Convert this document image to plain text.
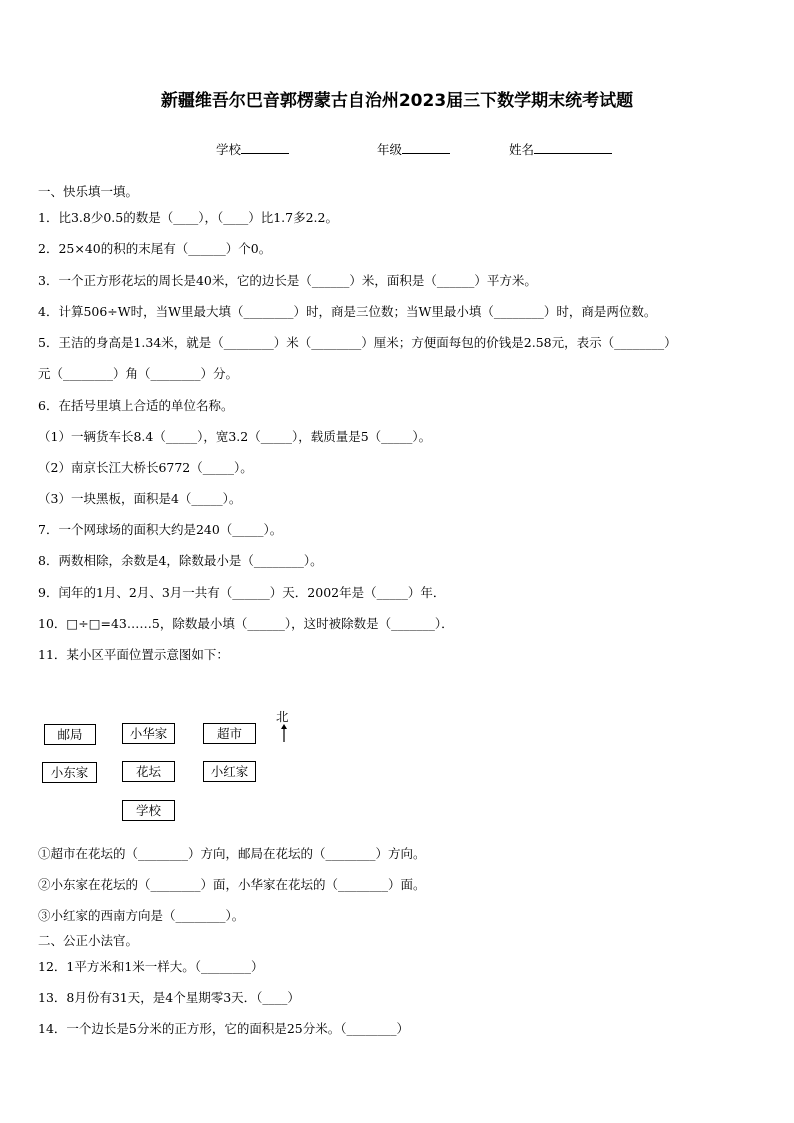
新疆维吾尔巴音郭楞蒙古自治州2023届三下数学期末统考试题
学校	年级	姓名
一、快乐填一填。
1．比3.8少0.5的数是（____），（____）比1.7多2.2。
2．25×40的积的末尾有（______）个0。
3．一个正方形花坛的周长是40米，它的边长是（______）米，面积是（______）平方米。
4．计算506÷W时，当W里最大填（________）时，商是三位数；当W里最小填（________）时，商是两位数。
5．王洁的身高是1.34米，就是（________）米（________）厘米；方便面每包的价钱是2.58元，表示（________）
元（________）角（________）分。
6．在括号里填上合适的单位名称。
（1）一辆货车长8.4（_____），宽3.2（_____），载质量是5（_____）。
（2）南京长江大桥长6772（_____）。
（3）一块黑板，面积是4（_____）。
7．一个网球场的面积大约是240（_____）。
8．两数相除，余数是4，除数最小是（________）。
9．闰年的1月、2月、3月一共有（______）天．2002年是（_____）年．
10．□÷□=43……5，除数最小填（______），这时被除数是（_______）．
11．某小区平面位置示意图如下：
北
邮局	小华家	超市
小东家	花坛	小红家
学校
①超市在花坛的（________）方向，邮局在花坛的（________）方向。
②小东家在花坛的（________）面，小华家在花坛的（________）面。
③小红家的西南方向是（________）。
二、公正小法官。
12．1平方米和1米一样大。（________）
13．8月份有31天，是4个星期零3天．（____）
14．一个边长是5分米的正方形，它的面积是25分米。（________）
